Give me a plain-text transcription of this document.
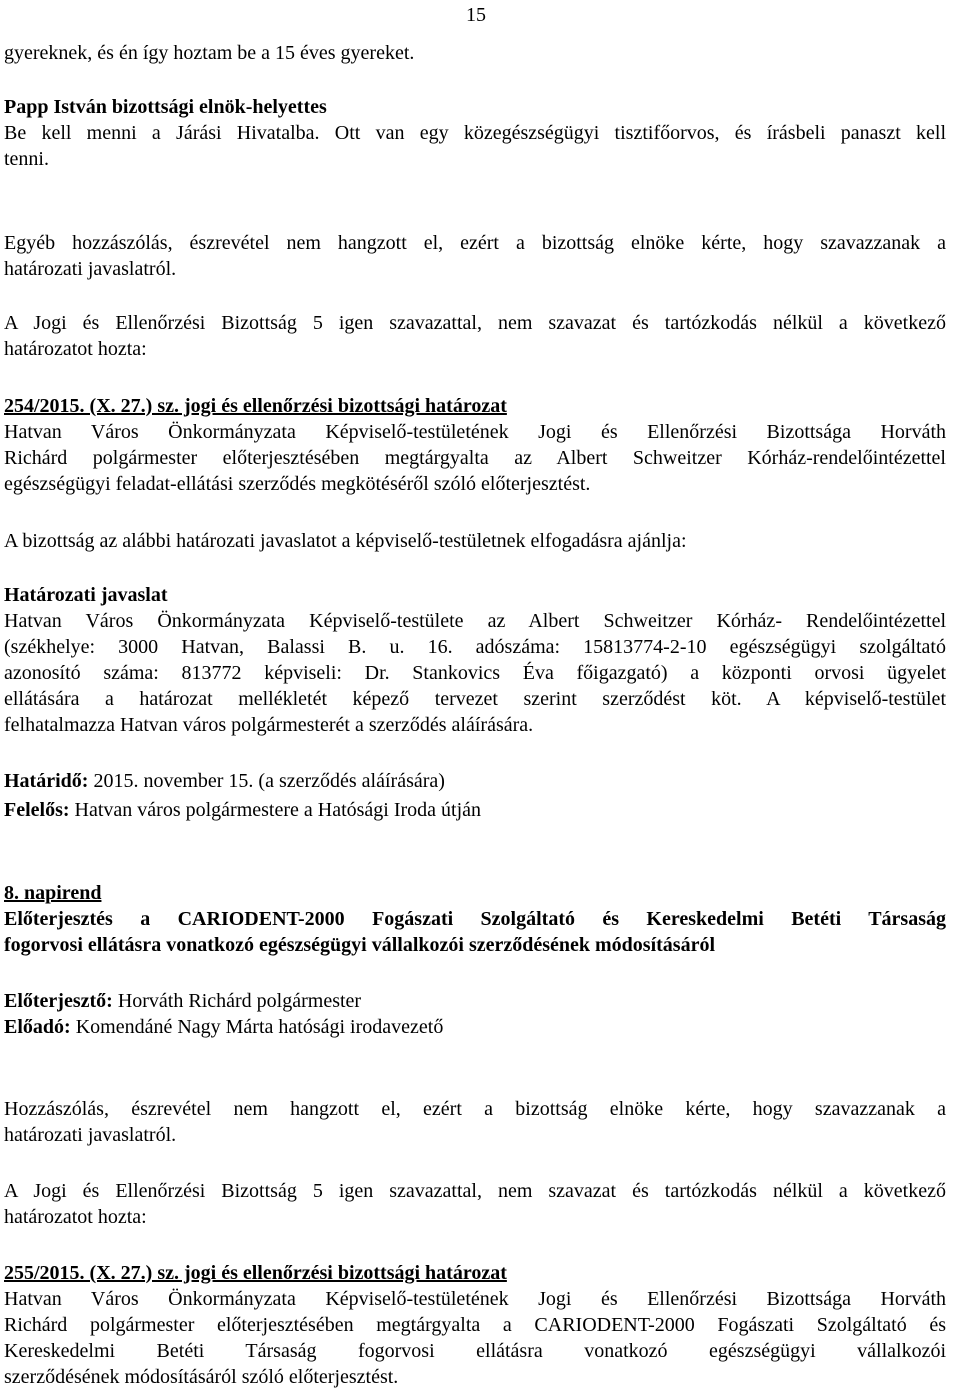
15
gyereknek, és én így hoztam be a 15 éves gyereket.
Papp István bizottsági elnök-helyettes
Be kell menni a Járási Hivatalba. Ott van egy közegészségügyi tisztifőorvos, és írásbeli panaszt kell
tenni.
Egyéb hozzászólás, észrevétel nem hangzott el, ezért a bizottság elnöke kérte, hogy szavazzanak a
határozati javaslatról.
A Jogi és Ellenőrzési Bizottság 5 igen szavazattal, nem szavazat és tartózkodás nélkül a következő
határozatot hozta:
254/2015. (X. 27.) sz. jogi és ellenőrzési bizottsági határozat
Hatvan Város Önkormányzata Képviselő-testületének Jogi és Ellenőrzési Bizottsága Horváth
Richárd polgármester előterjesztésében megtárgyalta az Albert Schweitzer Kórház-rendelőintézettel
egészségügyi feladat-ellátási szerződés megkötéséről szóló előterjesztést.
A bizottság az alábbi határozati javaslatot a képviselő-testületnek elfogadásra ajánlja:
Határozati javaslat
Hatvan Város Önkormányzata Képviselő-testülete az Albert Schweitzer Kórház- Rendelőintézettel
(székhelye: 3000 Hatvan, Balassi B. u. 16. adószáma: 15813774-2-10 egészségügyi szolgáltató
azonosító száma: 813772 képviseli: Dr. Stankovics Éva főigazgató) a központi orvosi ügyelet
ellátására a határozat mellékletét képező tervezet szerint szerződést köt. A képviselő-testület
felhatalmazza Hatvan város polgármesterét a szerződés aláírására.
Határidő: 2015. november 15. (a szerződés aláírására)
Felelős: Hatvan város polgármestere a Hatósági Iroda útján
8. napirend
Előterjesztés a CARIODENT-2000 Fogászati Szolgáltató és Kereskedelmi Betéti Társaság
fogorvosi ellátásra vonatkozó egészségügyi vállalkozói szerződésének módosításáról
Előterjesztő: Horváth Richárd polgármester
Előadó: Komendáné Nagy Márta hatósági irodavezető
Hozzászólás, észrevétel nem hangzott el, ezért a bizottság elnöke kérte, hogy szavazzanak a
határozati javaslatról.
A Jogi és Ellenőrzési Bizottság 5 igen szavazattal, nem szavazat és tartózkodás nélkül a következő
határozatot hozta:
255/2015. (X. 27.) sz. jogi és ellenőrzési bizottsági határozat
Hatvan Város Önkormányzata Képviselő-testületének Jogi és Ellenőrzési Bizottsága Horváth
Richárd polgármester előterjesztésében megtárgyalta a CARIODENT-2000 Fogászati Szolgáltató és
Kereskedelmi Betéti Társaság fogorvosi ellátásra vonatkozó egészségügyi vállalkozói
szerződésének módosításáról szóló előterjesztést.
